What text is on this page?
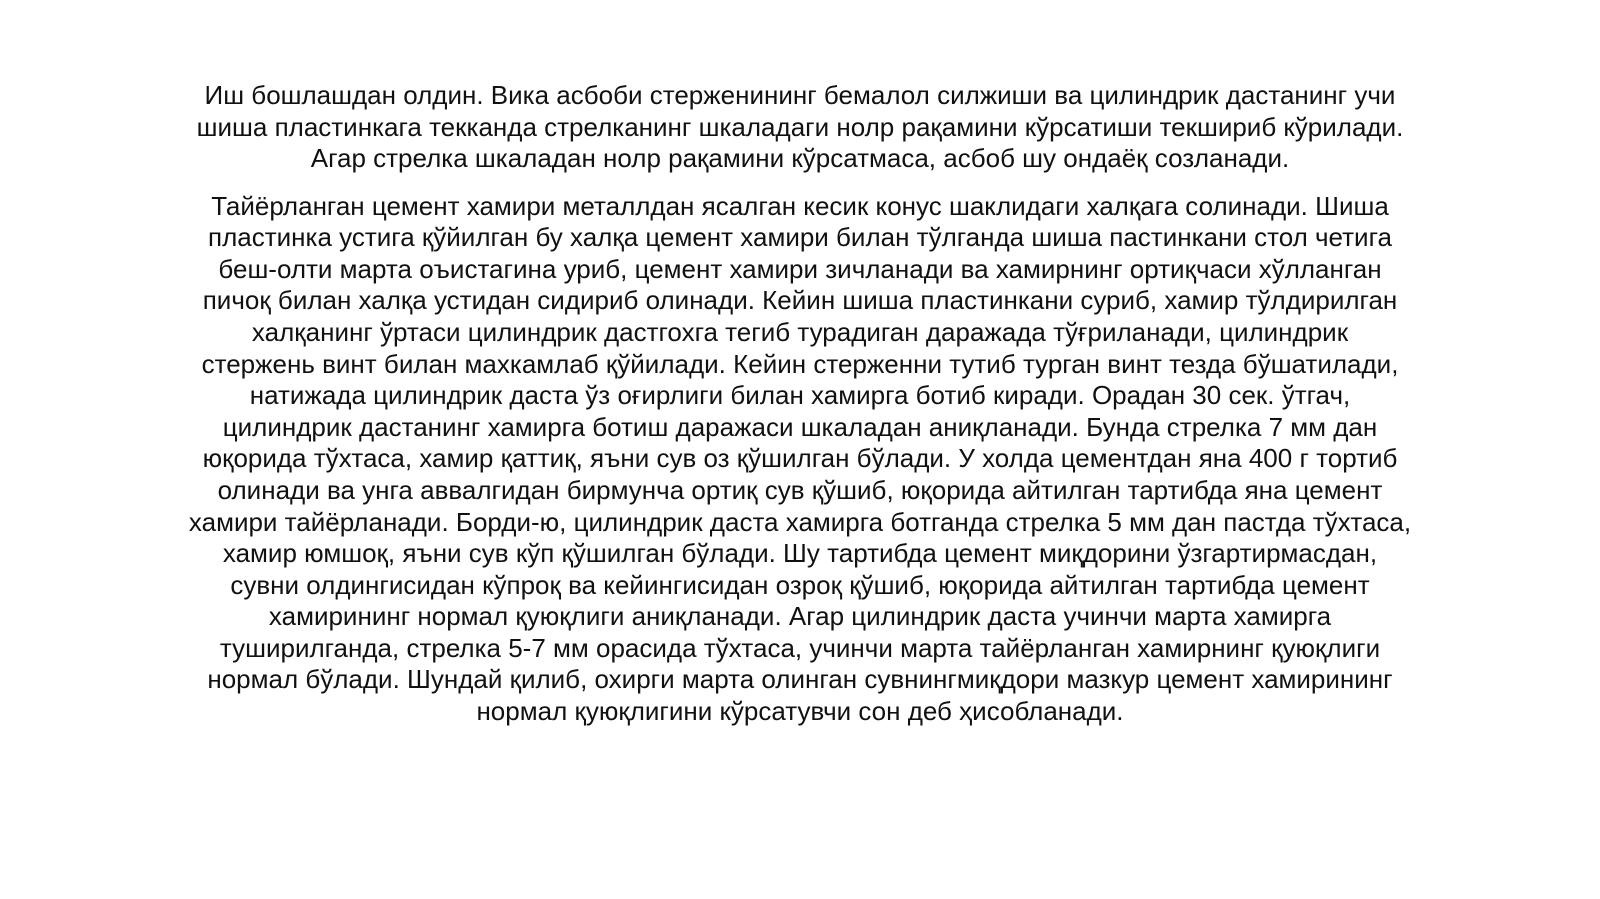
Иш бошлашдан олдин. Вика асбоби стерженининг бемалол силжиши ва цилиндрик дастанинг учи
шиша пластинкага текканда стрелканинг шкаладаги нолр рақамини кўрсатиши текшириб кўрилади.
Агар стрелка шкаладан нолр рақамини кўрсатмаса, асбоб шу ондаёқ созланади.

Тайёрланган цемент хамири металлдан ясалган кесик конус шаклидаги халқага солинади. Шиша
пластинка устига қўйилган бу халқа цемент хамири билан тўлганда шиша пастинкани стол четига
беш-олти марта оъистагина уриб, цемент хамири зичланади ва хамирнинг ортиқчаси хўлланган
пичоқ билан халқа устидан сидириб олинади. Кейин шиша пластинкани суриб, хамир тўлдирилган
халқанинг ўртаси цилиндрик дастгохга тегиб турадиган даражада тўғриланади, цилиндрик
стержень винт билан махкамлаб қўйилади. Кейин стерженни тутиб турган винт тезда бўшатилади,
натижада цилиндрик даста ўз оғирлиги билан хамирга ботиб киради. Орадан 30 сек. ўтгач,
цилиндрик дастанинг хамирга ботиш даражаси шкаладан аниқланади. Бунда стрелка 7 мм дан
юқорида тўхтаса, хамир қаттиқ, яъни сув оз қўшилган бўлади. У холда цементдан яна 400 г тортиб
олинади ва унга аввалгидан бирмунча ортиқ сув қўшиб, юқорида айтилган тартибда яна цемент
хамири тайёрланади. Борди-ю, цилиндрик даста хамирга ботганда стрелка 5 мм дан пастда тўхтаса,
хамир юмшоқ, яъни сув кўп қўшилган бўлади. Шу тартибда цемент миқдорини ўзгартирмасдан,
сувни олдингисидан кўпроқ ва кейингисидан озроқ қўшиб, юқорида айтилган тартибда цемент
хамирининг нормал қуюқлиги аниқланади. Агар цилиндрик даста учинчи марта хамирга
туширилганда, стрелка 5-7 мм орасида тўхтаса, учинчи марта тайёрланган хамирнинг қуюқлиги
нормал бўлади. Шундай қилиб, охирги марта олинган сувнингмиқдори мазкур цемент хамирининг
нормал қуюқлигини кўрсатувчи сон деб ҳисобланади.
